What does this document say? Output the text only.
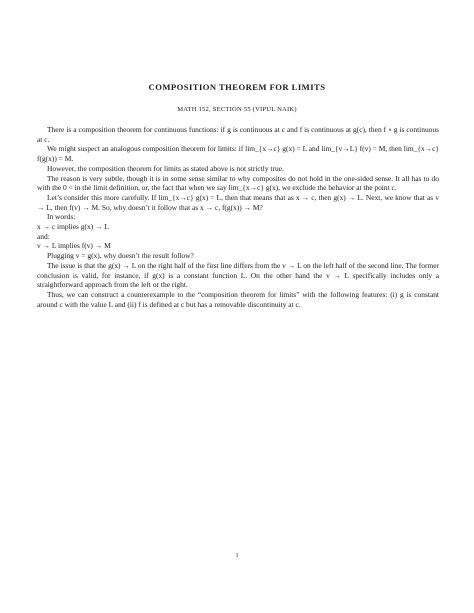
COMPOSITION THEOREM FOR LIMITS
MATH 152, SECTION 55 (VIPUL NAIK)

There is a composition theorem for continuous functions: if g is continuous at c and f is continuous at g(c), then f ∘ g is continuous at c.

We might suspect an analogous composition theorem for limits: if lim_{x→c} g(x) = L and lim_{v→L} f(v) = M, then lim_{x→c} f(g(x)) = M.

However, the composition theorem for limits as stated above is not strictly true.

The reason is very subtle, though it is in some sense similar to why composites do not hold in the one-sided sense. It all has to do with the 0 < in the limit definition, or, the fact that when we say lim_{x→c} g(x), we exclude the behavior at the point c.

Let’s consider this more carefully. If lim_{x→c} g(x) = L, then that means that as x → c, then g(x) → L. Next, we know that as v → L, then f(v) → M. So, why doesn’t it follow that as x → c, f(g(x)) → M?

In words:

x → c implies g(x) → L

and:

v → L implies f(v) → M

Plugging v = g(x), why doesn’t the result follow?

The issue is that the g(x) → L on the right half of the first line differs from the v → L on the left half of the second line. The former conclusion is valid, for instance, if g(x) is a constant function L. On the other hand the v → L specifically includes only a straightforward approach from the left or the right.

Thus, we can construct a counterexample to the “composition theorem for limits” with the following features: (i) g is constant around c with the value L and (ii) f is defined at c but has a removable discontinuity at c.

1
